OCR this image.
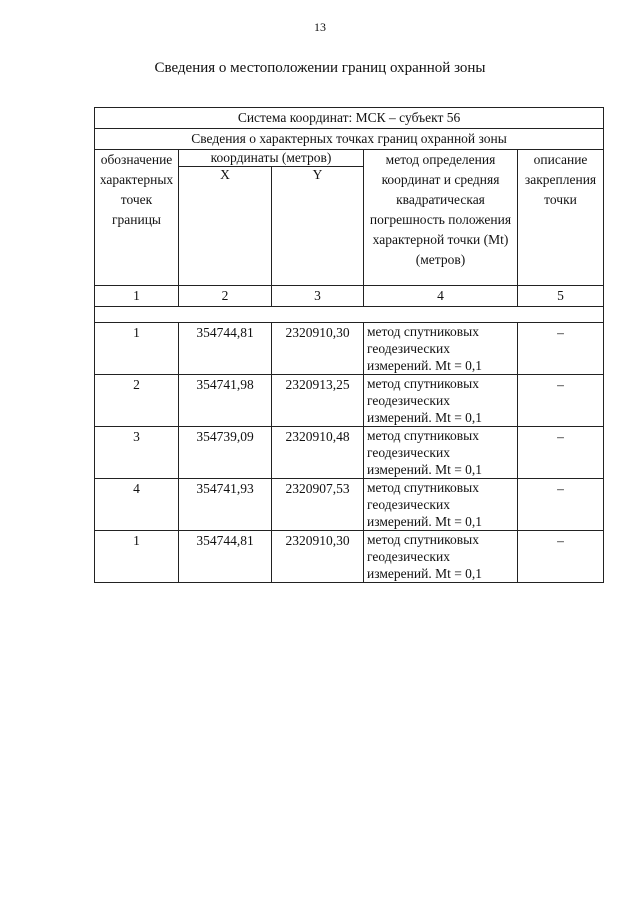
13
Сведения о местоположении границ охранной зоны
Система координат: МСК – субъект 56				
Сведения о характерных точках границ охранной зоны				
обозначение характерных точек границы	координаты (метров)		метод определения координат и средняя квадратическая погрешность положения характерной точки (Mt) (метров)	описание закрепления точки
	X	Y		
1	2	3	4	5

1	354744,81	2320910,30	метод спутниковых геодезических измерений. Mt = 0,1	–
2	354741,98	2320913,25	метод спутниковых геодезических измерений. Mt = 0,1	–
3	354739,09	2320910,48	метод спутниковых геодезических измерений. Mt = 0,1	–
4	354741,93	2320907,53	метод спутниковых геодезических измерений. Mt = 0,1	–
1	354744,81	2320910,30	метод спутниковых геодезических измерений. Mt = 0,1	–
